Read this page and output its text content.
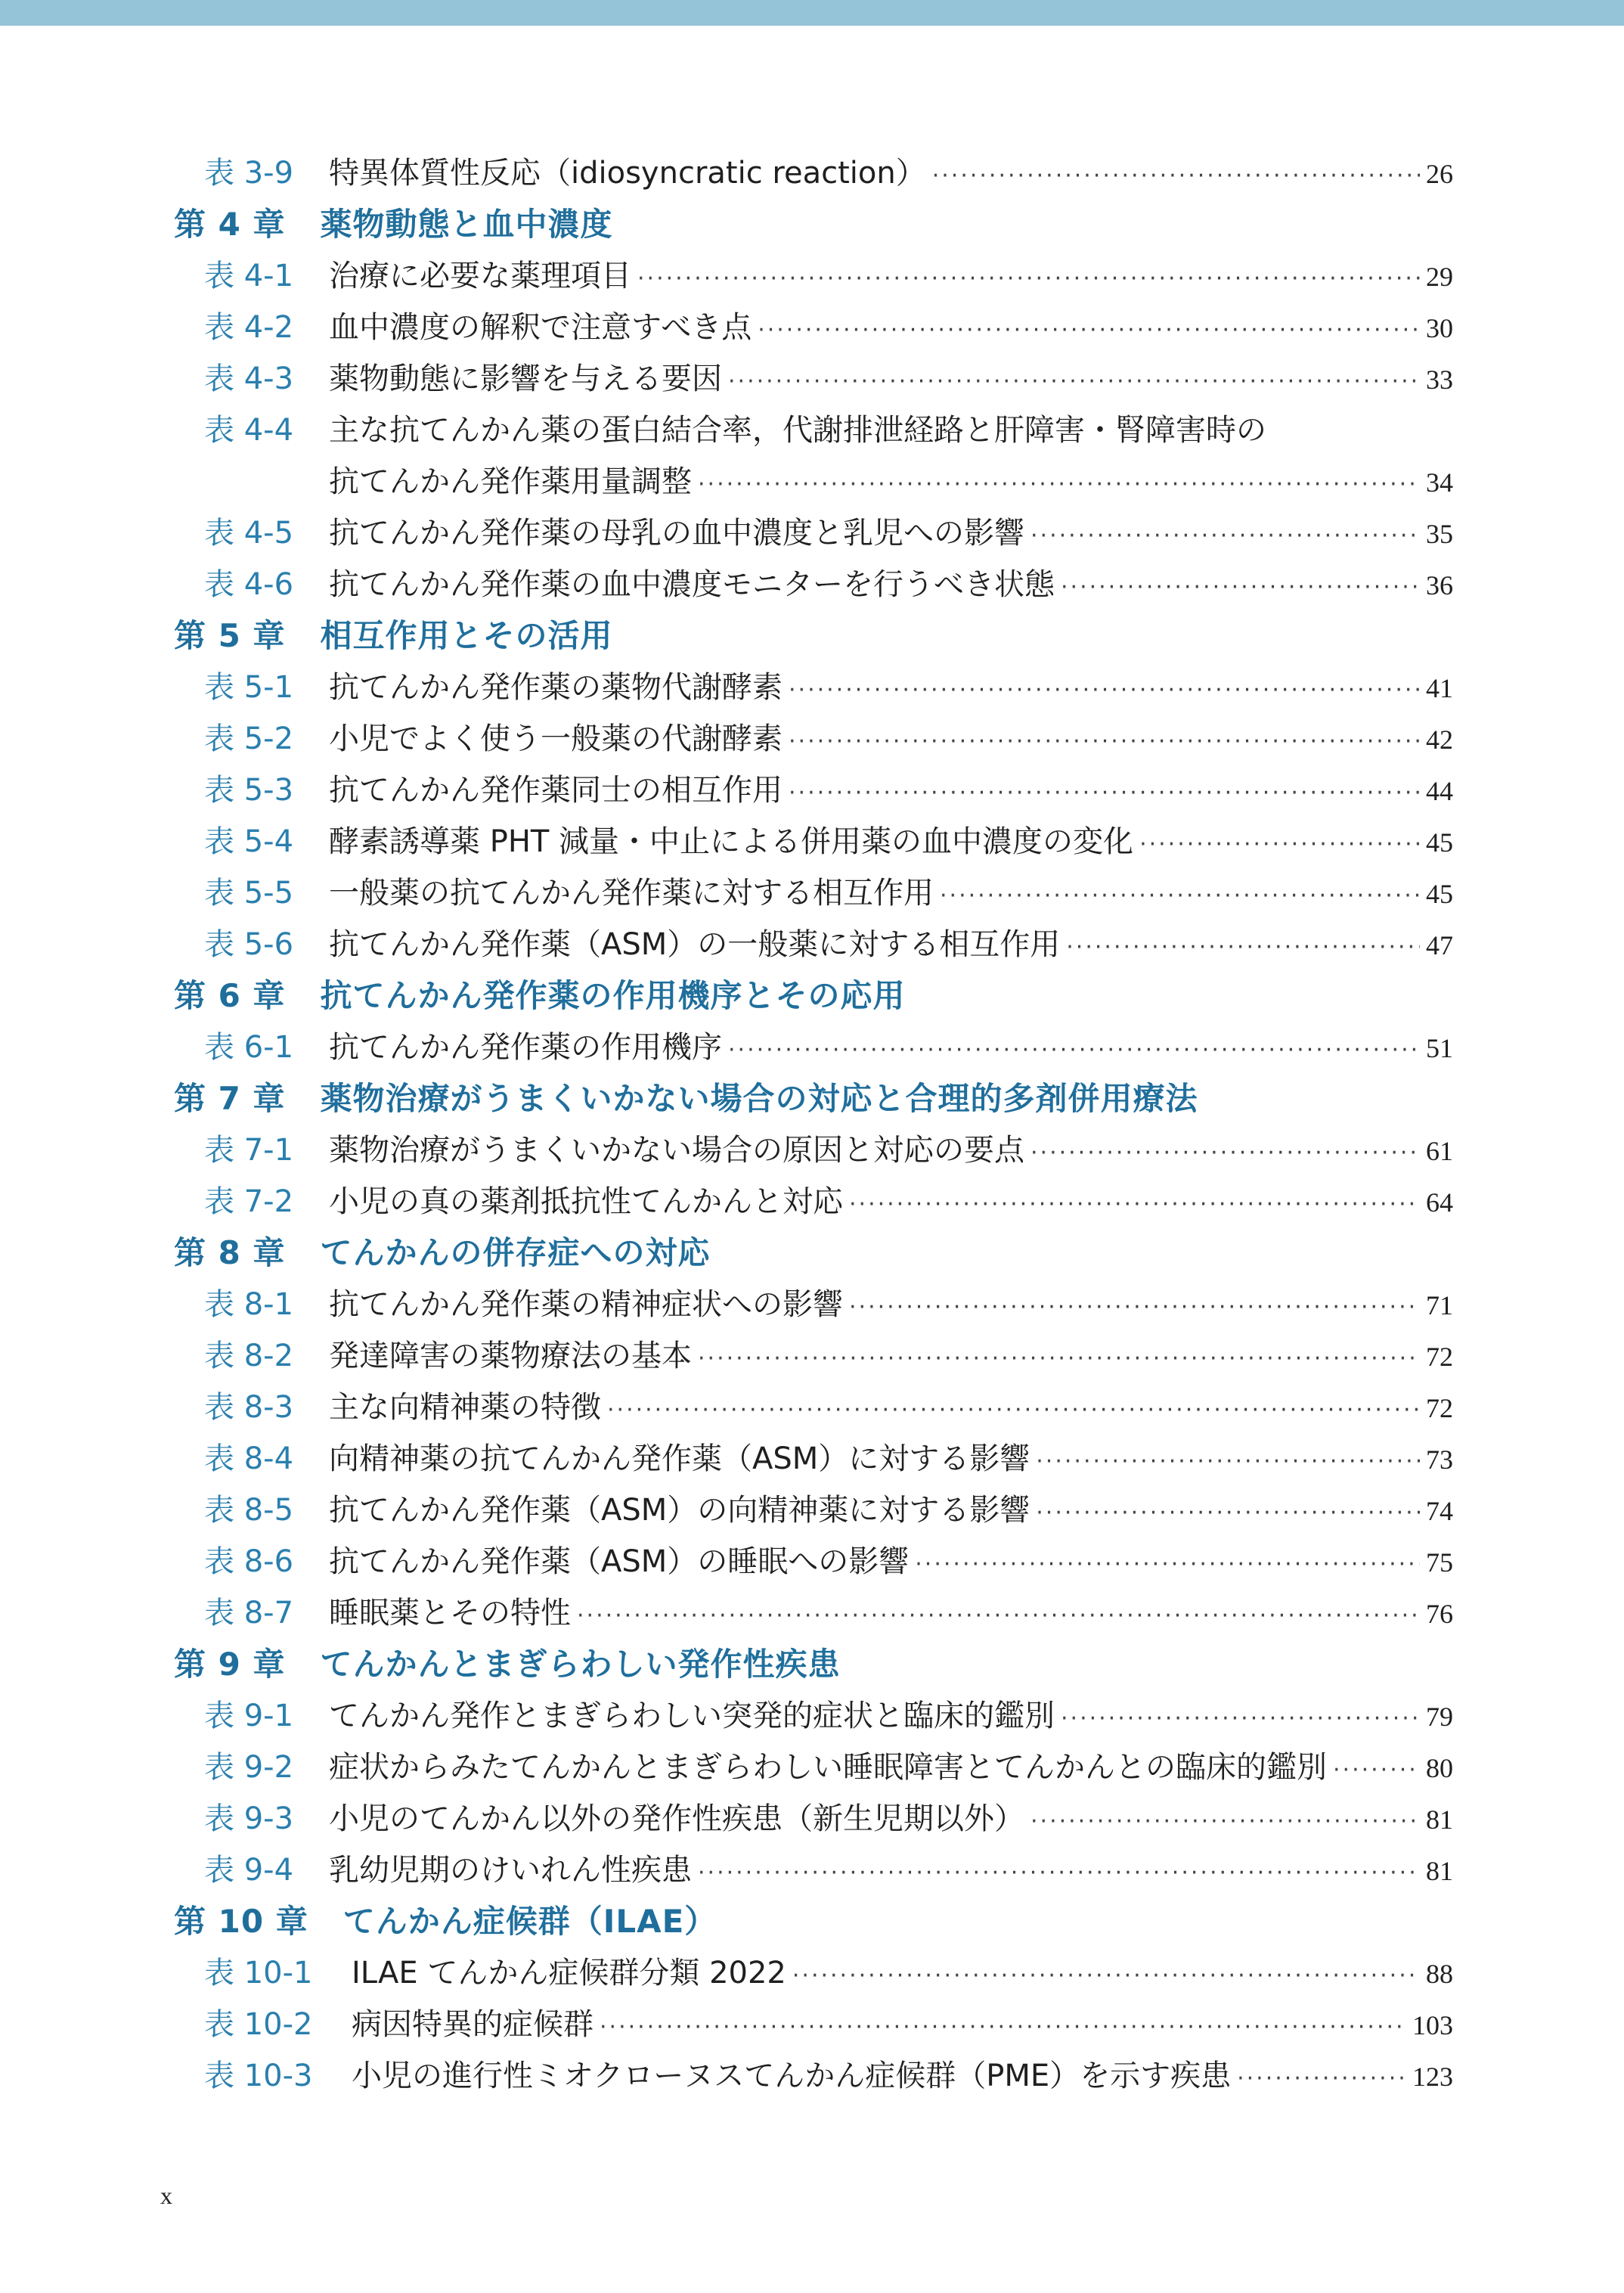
表 3-9	特異体質性反応（idiosyncratic reaction） ·····	26
第 4 章 薬物動態と血中濃度
表 4-1	治療に必要な薬理項目 ·····	29
表 4-2	血中濃度の解釈で注意すべき点 ·····	30
表 4-3	薬物動態に影響を与える要因 ·····	33
表 4-4	主な抗てんかん薬の蛋白結合率，代謝排泄経路と肝障害・腎障害時の
抗てんかん発作薬用量調整 ·····	34
表 4-5	抗てんかん発作薬の母乳の血中濃度と乳児への影響 ·····	35
表 4-6	抗てんかん発作薬の血中濃度モニターを行うべき状態 ·····	36
第 5 章 相互作用とその活用
表 5-1	抗てんかん発作薬の薬物代謝酵素 ·····	41
表 5-2	小児でよく使う一般薬の代謝酵素 ·····	42
表 5-3	抗てんかん発作薬同士の相互作用 ·····	44
表 5-4	酵素誘導薬 PHT 減量・中止による併用薬の血中濃度の変化 ·····	45
表 5-5	一般薬の抗てんかん発作薬に対する相互作用 ·····	45
表 5-6	抗てんかん発作薬（ASM）の一般薬に対する相互作用 ·····	47
第 6 章 抗てんかん発作薬の作用機序とその応用
表 6-1	抗てんかん発作薬の作用機序 ·····	51
第 7 章 薬物治療がうまくいかない場合の対応と合理的多剤併用療法
表 7-1	薬物治療がうまくいかない場合の原因と対応の要点 ·····	61
表 7-2	小児の真の薬剤抵抗性てんかんと対応 ·····	64
第 8 章 てんかんの併存症への対応
表 8-1	抗てんかん発作薬の精神症状への影響 ·····	71
表 8-2	発達障害の薬物療法の基本 ·····	72
表 8-3	主な向精神薬の特徴 ·····	72
表 8-4	向精神薬の抗てんかん発作薬（ASM）に対する影響 ·····	73
表 8-5	抗てんかん発作薬（ASM）の向精神薬に対する影響 ·····	74
表 8-6	抗てんかん発作薬（ASM）の睡眠への影響 ·····	75
表 8-7	睡眠薬とその特性 ·····	76
第 9 章 てんかんとまぎらわしい発作性疾患
表 9-1	てんかん発作とまぎらわしい突発的症状と臨床的鑑別 ·····	79
表 9-2	症状からみたてんかんとまぎらわしい睡眠障害とてんかんとの臨床的鑑別 ·····	80
表 9-3	小児のてんかん以外の発作性疾患（新生児期以外） ·····	81
表 9-4	乳幼児期のけいれん性疾患 ·····	81
第 10 章 てんかん症候群（ILAE）
表 10-1	ILAE てんかん症候群分類 2022 ·····	88
表 10-2	病因特異的症候群 ·····	103
表 10-3	小児の進行性ミオクローヌスてんかん症候群（PME）を示す疾患 ·····	123
x
